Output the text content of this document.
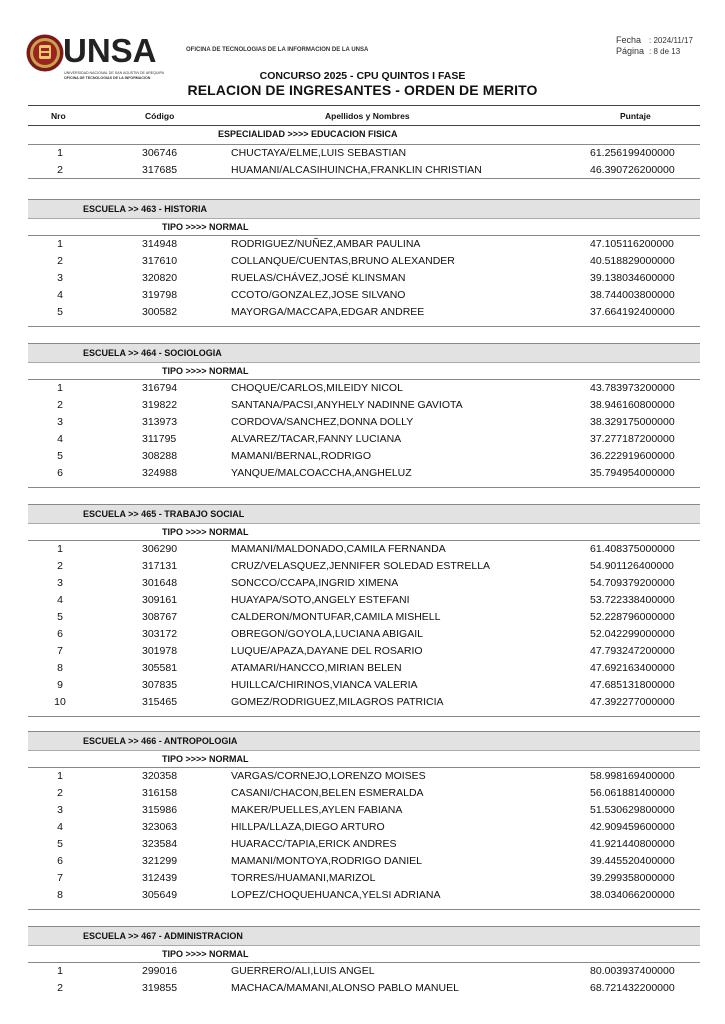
UNSA
UNIVERSIDAD NACIONAL DE SAN AGUSTIN DE AREQUIPA
OFICINA DE TECNOLOGIAS DE LA INFORMACION
OFICINA DE TECNOLOGIAS DE LA INFORMACION DE LA UNSA
Fecha : 2024/11/17
Página : 8 de 13
CONCURSO 2025 - CPU QUINTOS I FASE
RELACION DE INGRESANTES - ORDEN DE MERITO
Nro	Código	Apellidos y Nombres	Puntaje
ESPECIALIDAD >>>> EDUCACION FISICA
1	306746	CHUCTAYA/ELME,LUIS SEBASTIAN	61.256199400000
2	317685	HUAMANI/ALCASIHUINCHA,FRANKLIN CHRISTIAN	46.390726200000
ESCUELA >> 463 - HISTORIA
TIPO >>>> NORMAL
1	314948	RODRIGUEZ/NUÑEZ,AMBAR PAULINA	47.105116200000
2	317610	COLLANQUE/CUENTAS,BRUNO ALEXANDER	40.518829000000
3	320820	RUELAS/CHÁVEZ,JOSÉ KLINSMAN	39.138034600000
4	319798	CCOTO/GONZALEZ,JOSE SILVANO	38.744003800000
5	300582	MAYORGA/MACCAPA,EDGAR ANDREE	37.664192400000
ESCUELA >> 464 - SOCIOLOGIA
TIPO >>>> NORMAL
1	316794	CHOQUE/CARLOS,MILEIDY NICOL	43.783973200000
2	319822	SANTANA/PACSI,ANYHELY NADINNE GAVIOTA	38.946160800000
3	313973	CORDOVA/SANCHEZ,DONNA DOLLY	38.329175000000
4	311795	ALVAREZ/TACAR,FANNY LUCIANA	37.277187200000
5	308288	MAMANI/BERNAL,RODRIGO	36.222919600000
6	324988	YANQUE/MALCOACCHA,ANGHELUZ	35.794954000000
ESCUELA >> 465 - TRABAJO SOCIAL
TIPO >>>> NORMAL
1	306290	MAMANI/MALDONADO,CAMILA FERNANDA	61.408375000000
2	317131	CRUZ/VELASQUEZ,JENNIFER SOLEDAD ESTRELLA	54.901126400000
3	301648	SONCCO/CCAPA,INGRID XIMENA	54.709379200000
4	309161	HUAYAPA/SOTO,ANGELY ESTEFANI	53.722338400000
5	308767	CALDERON/MONTUFAR,CAMILA MISHELL	52.228796000000
6	303172	OBREGON/GOYOLA,LUCIANA ABIGAIL	52.042299000000
7	301978	LUQUE/APAZA,DAYANE DEL ROSARIO	47.793247200000
8	305581	ATAMARI/HANCCO,MIRIAN BELEN	47.692163400000
9	307835	HUILLCA/CHIRINOS,VIANCA VALERIA	47.685131800000
10	315465	GOMEZ/RODRIGUEZ,MILAGROS PATRICIA	47.392277000000
ESCUELA >> 466 - ANTROPOLOGIA
TIPO >>>> NORMAL
1	320358	VARGAS/CORNEJO,LORENZO MOISES	58.998169400000
2	316158	CASANI/CHACON,BELEN ESMERALDA	56.061881400000
3	315986	MAKER/PUELLES,AYLEN FABIANA	51.530629800000
4	323063	HILLPA/LLAZA,DIEGO ARTURO	42.909459600000
5	323584	HUARACC/TAPIA,ERICK ANDRES	41.921440800000
6	321299	MAMANI/MONTOYA,RODRIGO DANIEL	39.445520400000
7	312439	TORRES/HUAMANI,MARIZOL	39.299358000000
8	305649	LOPEZ/CHOQUEHUANCA,YELSI ADRIANA	38.034066200000
ESCUELA >> 467 - ADMINISTRACION
TIPO >>>> NORMAL
1	299016	GUERRERO/ALI,LUIS ANGEL	80.003937400000
2	319855	MACHACA/MAMANI,ALONSO PABLO MANUEL	68.721432200000
